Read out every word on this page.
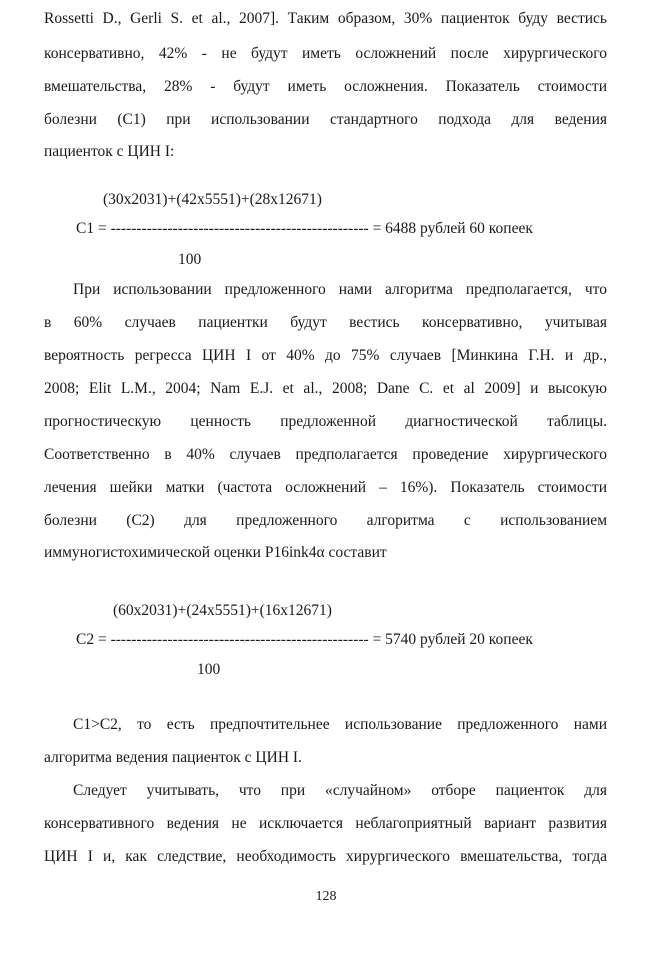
Rossetti D., Gerli S. et al., 2007]. Таким образом, 30% пациенток буду вестись
консервативно, 42% - не будут иметь осложнений после хирургического
вмешательства, 28% - будут иметь осложнения. Показатель стоимости
болезни (С1) при использовании стандартного подхода для ведения
пациенток с ЦИН I:
(30х2031)+(42х5551)+(28х12671)
С1 = -------------------------------------------------- = 6488 рублей 60 копеек
100
При использовании предложенного нами алгоритма предполагается, что
в 60% случаев пациентки будут вестись консервативно, учитывая
вероятность регресса ЦИН I от 40% до 75% случаев [Минкина Г.Н. и др.,
2008; Elit L.M., 2004; Nam E.J. et al., 2008; Dane C. et al 2009] и высокую
прогностическую ценность предложенной диагностической таблицы.
Соответственно в 40% случаев предполагается проведение хирургического
лечения шейки матки (частота осложнений – 16%). Показатель стоимости
болезни (С2) для предложенного алгоритма с использованием
иммуногистохимической оценки P16ink4α составит
(60х2031)+(24х5551)+(16х12671)
С2 = -------------------------------------------------- = 5740 рублей 20 копеек
100
С1>С2, то есть предпочтительнее использование предложенного нами
алгоритма ведения пациенток с ЦИН I.
Следует учитывать, что при «случайном» отборе пациенток для
консервативного ведения не исключается неблагоприятный вариант развития
ЦИН I и, как следствие, необходимость хирургического вмешательства, тогда
128
